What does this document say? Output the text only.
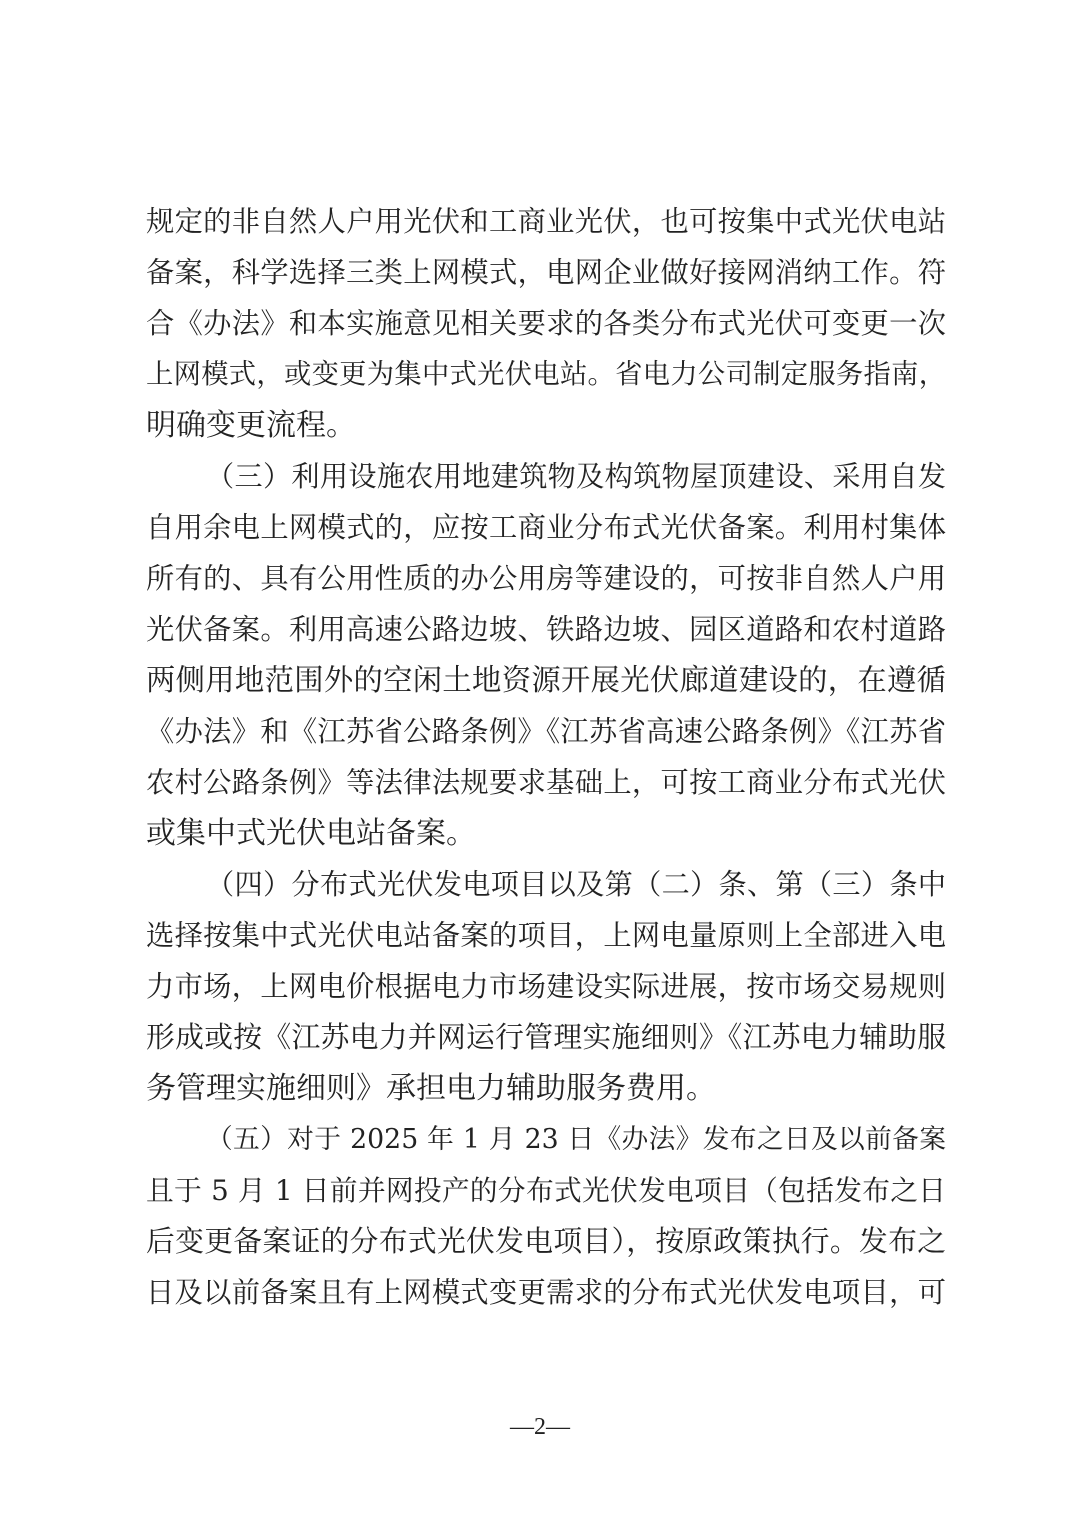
规定的非自然人户用光伏和工商业光伏，也可按集中式光伏电站
备案，科学选择三类上网模式，电网企业做好接网消纳工作。符
合《办法》和本实施意见相关要求的各类分布式光伏可变更一次
上网模式，或变更为集中式光伏电站。省电力公司制定服务指南，
明确变更流程。
（三）利用设施农用地建筑物及构筑物屋顶建设、采用自发
自用余电上网模式的，应按工商业分布式光伏备案。利用村集体
所有的、具有公用性质的办公用房等建设的，可按非自然人户用
光伏备案。利用高速公路边坡、铁路边坡、园区道路和农村道路
两侧用地范围外的空闲土地资源开展光伏廊道建设的，在遵循
《办法》和《江苏省公路条例》《江苏省高速公路条例》《江苏省
农村公路条例》等法律法规要求基础上，可按工商业分布式光伏
或集中式光伏电站备案。
（四）分布式光伏发电项目以及第（二）条、第（三）条中
选择按集中式光伏电站备案的项目，上网电量原则上全部进入电
力市场，上网电价根据电力市场建设实际进展，按市场交易规则
形成或按《江苏电力并网运行管理实施细则》《江苏电力辅助服
务管理实施细则》承担电力辅助服务费用。
（五）对于 2025 年 1 月 23 日《办法》发布之日及以前备案
且于 5 月 1 日前并网投产的分布式光伏发电项目（包括发布之日
后变更备案证的分布式光伏发电项目），按原政策执行。发布之
日及以前备案且有上网模式变更需求的分布式光伏发电项目，可
—2—
